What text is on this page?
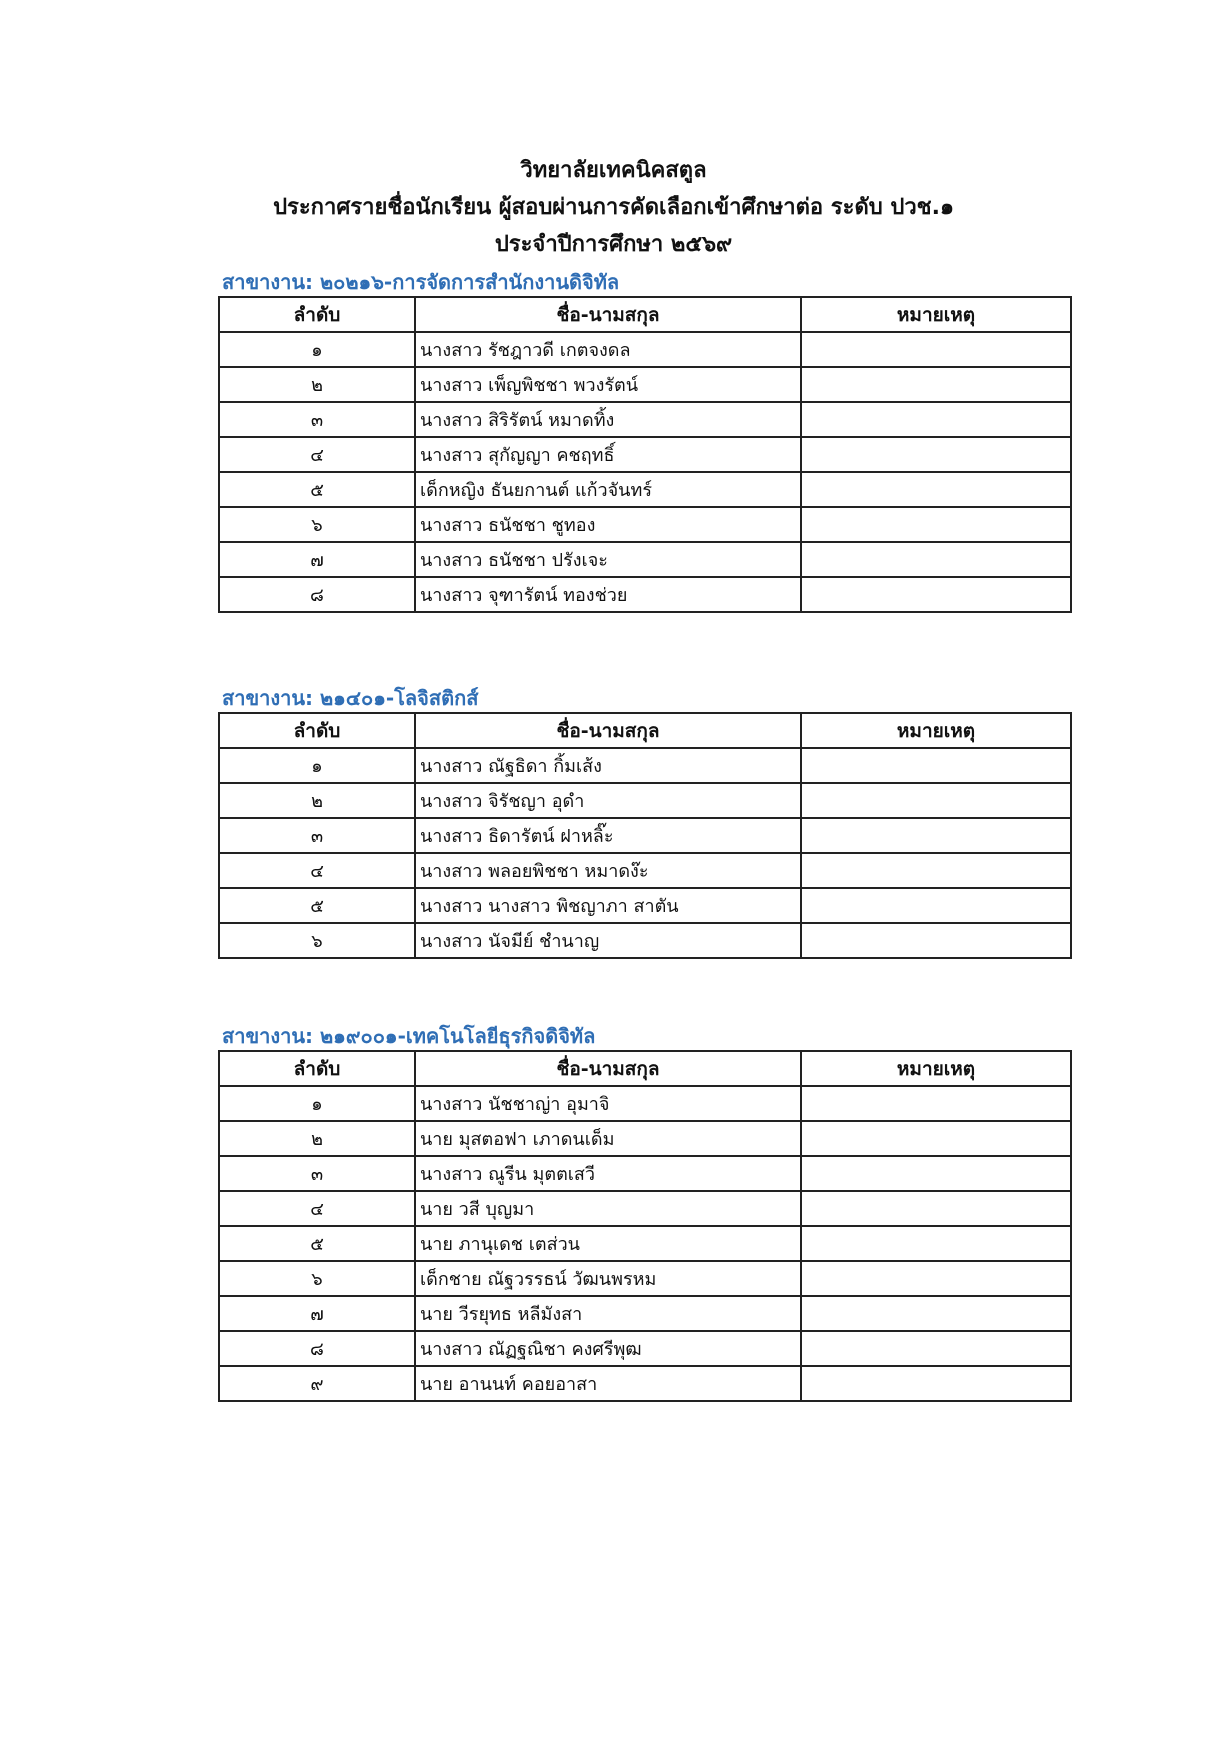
วิทยาลัยเทคนิคสตูล
ประกาศรายชื่อนักเรียน ผู้สอบผ่านการคัดเลือกเข้าศึกษาต่อ ระดับ ปวช.๑
ประจำปีการศึกษา ๒๕๖๙
สาขางาน: ๒๐๒๑๖-การจัดการสำนักงานดิจิทัล
ลำดับ	ชื่อ-นามสกุล	หมายเหตุ
๑	นางสาว รัชฎาวดี เกตจงดล	
๒	นางสาว เพ็ญพิชชา พวงรัตน์	
๓	นางสาว สิริรัตน์ หมาดทิ้ง	
๔	นางสาว สุกัญญา คชฤทธิ์	
๕	เด็กหญิง ธันยกานต์ แก้วจันทร์	
๖	นางสาว ธนัชชา ชูทอง	
๗	นางสาว ธนัชชา ปรังเจะ	
๘	นางสาว จุฑารัตน์ ทองช่วย	
สาขางาน: ๒๑๔๐๑-โลจิสติกส์
ลำดับ	ชื่อ-นามสกุล	หมายเหตุ
๑	นางสาว ณัฐธิดา กิ้มเส้ง	
๒	นางสาว จิรัชญา อุดำ	
๓	นางสาว ธิดารัตน์ ฝาหลิ๊ะ	
๔	นางสาว พลอยพิชชา หมาดง๊ะ	
๕	นางสาว นางสาว พิชญาภา สาตัน	
๖	นางสาว นัจมีย์ ชำนาญ	
สาขางาน: ๒๑๙๐๐๑-เทคโนโลยีธุรกิจดิจิทัล
ลำดับ	ชื่อ-นามสกุล	หมายเหตุ
๑	นางสาว นัชชาญ่า อุมาจิ	
๒	นาย มุสตอฟา เภาดนเด็ม	
๓	นางสาว ณูรีน มุตตเสวี	
๔	นาย วสี บุญมา	
๕	นาย ภานุเดช เตส่วน	
๖	เด็กชาย ณัฐวรรธน์ วัฒนพรหม	
๗	นาย วีรยุทธ หลีมังสา	
๘	นางสาว ณัฏฐณิชา คงศรีพุฒ	
๙	นาย อานนท์ คอยอาสา	
